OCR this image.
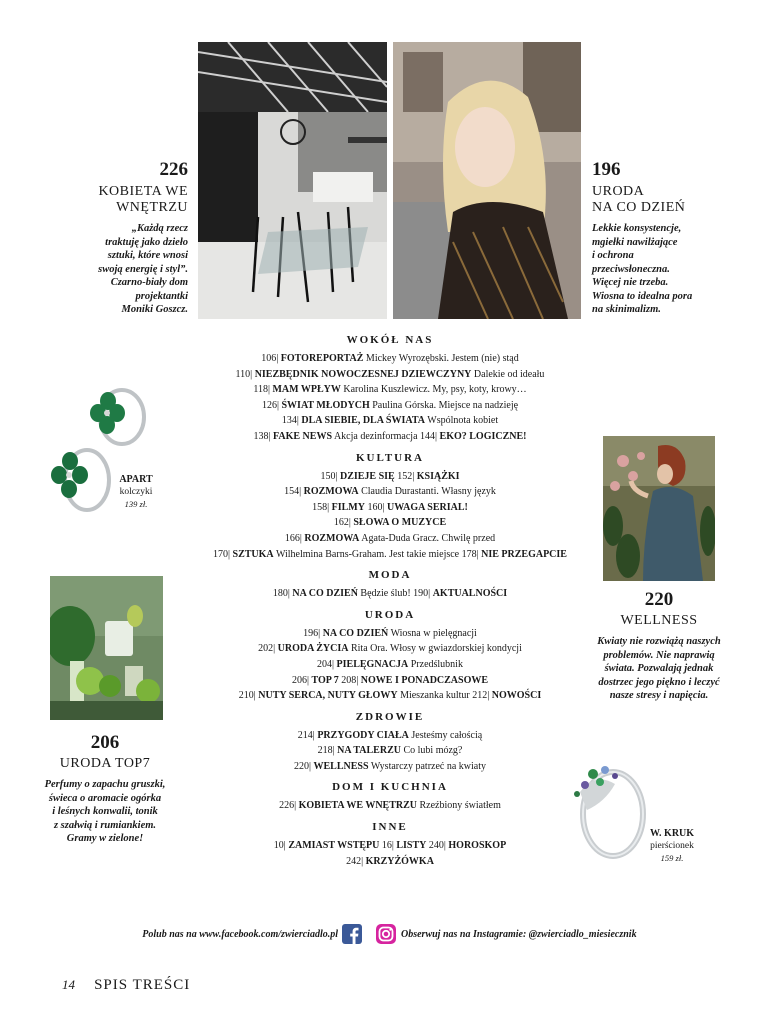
226
KOBIETA WE
WNĘTRZU
„Każdą rzecz
traktuję jako dzieło
sztuki, które wnosi
swoją energię i styl”.
Czarno-biały dom
projektantki
Moniki Goszcz.
196
URODA
NA CO DZIEŃ
Lekkie konsystencje,
mgiełki nawilżające
i ochrona
przeciwsłoneczna.
Więcej nie trzeba.
Wiosna to idealna pora
na skinimalizm.
WOKÓŁ NAS
106| FOTOREPORTAŻ Mickey Wyrozębski. Jestem (nie) stąd
110| NIEZBĘDNIK NOWOCZESNEJ DZIEWCZYNY Dalekie od ideału
118| MAM WPŁYW Karolina Kuszlewicz. My, psy, koty, krowy…
126| ŚWIAT MŁODYCH Paulina Górska. Miejsce na nadzieję
134| DLA SIEBIE, DLA ŚWIATA Wspólnota kobiet
138| FAKE NEWS Akcja dezinformacja 144| EKO? LOGICZNE!
KULTURA
150| DZIEJE SIĘ 152| KSIĄŻKI
154| ROZMOWA Claudia Durastanti. Własny język
158| FILMY 160| UWAGA SERIAL!
162| SŁOWA O MUZYCE
166| ROZMOWA Agata-Duda Gracz. Chwilę przed
170| SZTUKA Wilhelmina Barns-Graham. Jest takie miejsce 178| NIE PRZEGAPCIE
MODA
180| NA CO DZIEŃ Będzie ślub! 190| AKTUALNOŚCI
URODA
196| NA CO DZIEŃ Wiosna w pielęgnacji
202| URODA ŻYCIA Rita Ora. Włosy w gwiazdorskiej kondycji
204| PIELĘGNACJA Przedślubnik
206| TOP 7 208| NOWE I PONADCZASOWE
210| NUTY SERCA, NUTY GŁOWY Mieszanka kultur 212| NOWOŚCI
ZDROWIE
214| PRZYGODY CIAŁA Jesteśmy całością
218| NA TALERZU Co lubi mózg?
220| WELLNESS Wystarczy patrzeć na kwiaty
DOM I KUCHNIA
226| KOBIETA WE WNĘTRZU Rzeźbiony światłem
INNE
10| ZAMIAST WSTĘPU 16| LISTY 240| HOROSKOP
242| KRZYŻÓWKA
APART
kolczyki
139 zł.
206
URODA TOP7
Perfumy o zapachu gruszki,
świeca o aromacie ogórka
i leśnych konwalii, tonik
z szałwią i rumiankiem.
Gramy w zielone!
220
WELLNESS
Kwiaty nie rozwiążą naszych
problemów. Nie naprawią
świata. Pozwalają jednak
dostrzec jego piękno i leczyć
nasze stresy i napięcia.
W. KRUK
pierścionek
159 zł.
Polub nas na www.facebook.com/zwierciadlo.pl	Obserwuj nas na Instagramie: @zwierciadlo_miesiecznik
14 SPIS TREŚCI
